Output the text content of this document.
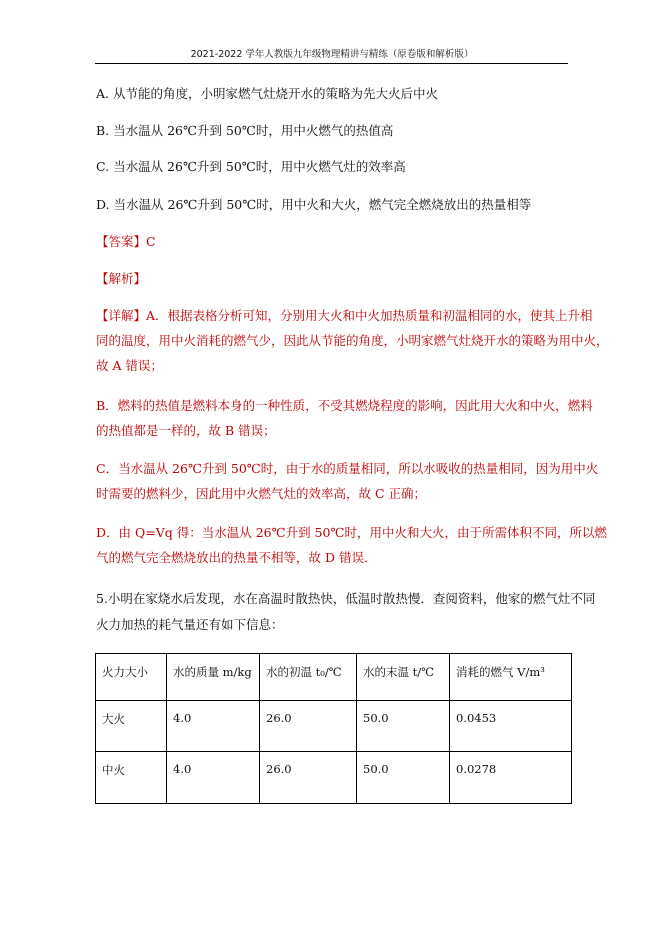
2021-2022 学年人教版九年级物理精讲与精练（原卷版和解析版）
A. 从节能的角度，小明家燃气灶烧开水的策略为先大火后中火
B. 当水温从 26℃升到 50℃时，用中火燃气的热值高
C. 当水温从 26℃升到 50℃时，用中火燃气灶的效率高
D. 当水温从 26℃升到 50℃时，用中火和大火，燃气完全燃烧放出的热量相等
【答案】C
【解析】
【详解】A．根据表格分析可知，分别用大火和中火加热质量和初温相同的水，使其上升相
同的温度，用中火消耗的燃气少，因此从节能的角度，小明家燃气灶烧开水的策略为用中火，
故 A 错误；
B．燃料的热值是燃料本身的一种性质，不受其燃烧程度的影响，因此用大火和中火，燃料
的热值都是一样的，故 B 错误；
C．当水温从 26℃升到 50℃时，由于水的质量相同，所以水吸收的热量相同，因为用中火
时需要的燃料少，因此用中火燃气灶的效率高，故 C 正确；
D．由 Q=Vq 得：当水温从 26℃升到 50℃时，用中火和大火，由于所需体积不同，所以燃
气的燃气完全燃烧放出的热量不相等，故 D 错误．
5.小明在家烧水后发现，水在高温时散热快，低温时散热慢．查阅资料，他家的燃气灶不同
火力加热的耗气量还有如下信息：
火力大小	水的质量 m/kg	水的初温 t₀/℃	水的末温 t/℃	消耗的燃气 V/m³
大火	4.0	26.0	50.0	0.0453
中火	4.0	26.0	50.0	0.0278
